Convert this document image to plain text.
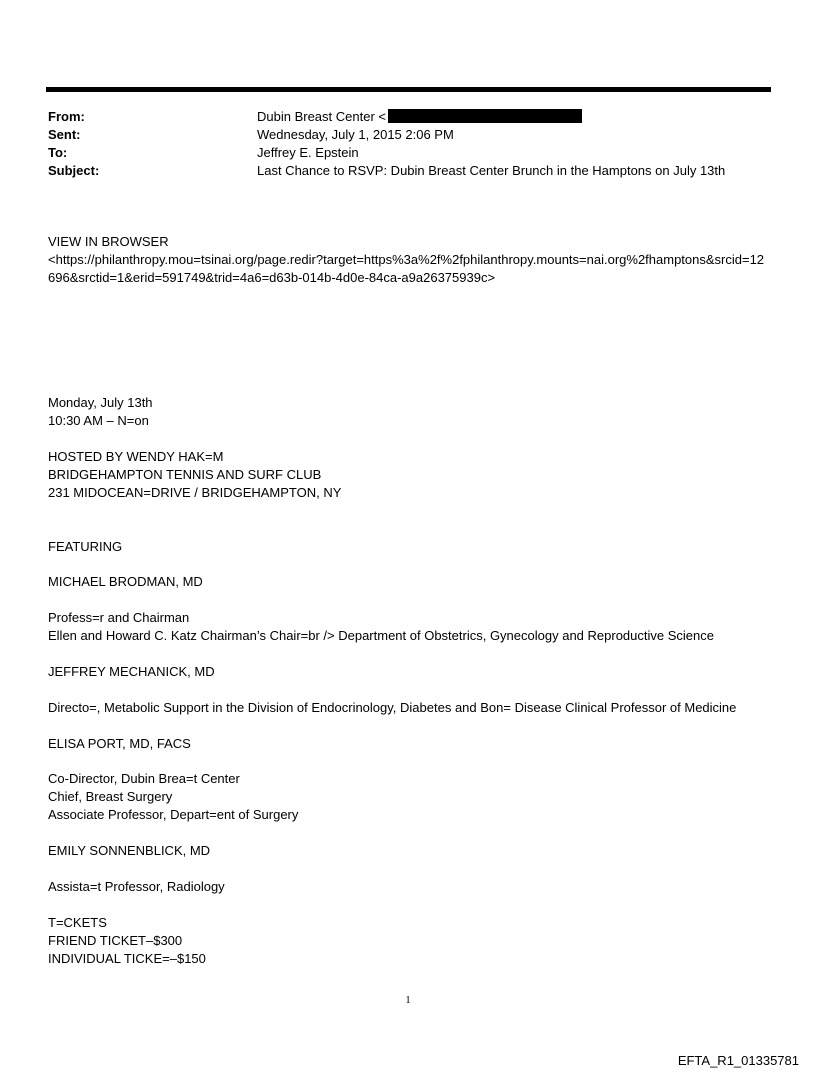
From:	Dubin Breast Center <
Sent:	Wednesday, July 1, 2015 2:06 PM
To:	Jeffrey E. Epstein
Subject:	Last Chance to RSVP: Dubin Breast Center Brunch in the Hamptons on July 13th
VIEW IN BROWSER
<https://philanthropy.mou=tsinai.org/page.redir?target=https%3a%2f%2fphilanthropy.mounts=nai.org%2fhamptons&srcid=12696&srctid=1&erid=591749&trid=4a6=d63b-014b-4d0e-84ca-a9a26375939c>
Monday, July 13th
10:30 AM – N=on
HOSTED BY WENDY HAK=M
BRIDGEHAMPTON TENNIS AND SURF CLUB
231 MIDOCEAN=DRIVE / BRIDGEHAMPTON, NY
FEATURING
MICHAEL BRODMAN, MD
Profess=r and Chairman
Ellen and Howard C. Katz Chairman’s Chair=br /> Department of Obstetrics, Gynecology and Reproductive Science
JEFFREY MECHANICK, MD
Directo=, Metabolic Support in the Division of Endocrinology, Diabetes and Bon= Disease Clinical Professor of Medicine
ELISA PORT, MD, FACS
Co-Director, Dubin Brea=t Center
Chief, Breast Surgery
Associate Professor, Depart=ent of Surgery
EMILY SONNENBLICK, MD
Assista=t Professor, Radiology
T=CKETS
FRIEND TICKET–$300
INDIVIDUAL TICKE=–$150
1
EFTA_R1_01335781
